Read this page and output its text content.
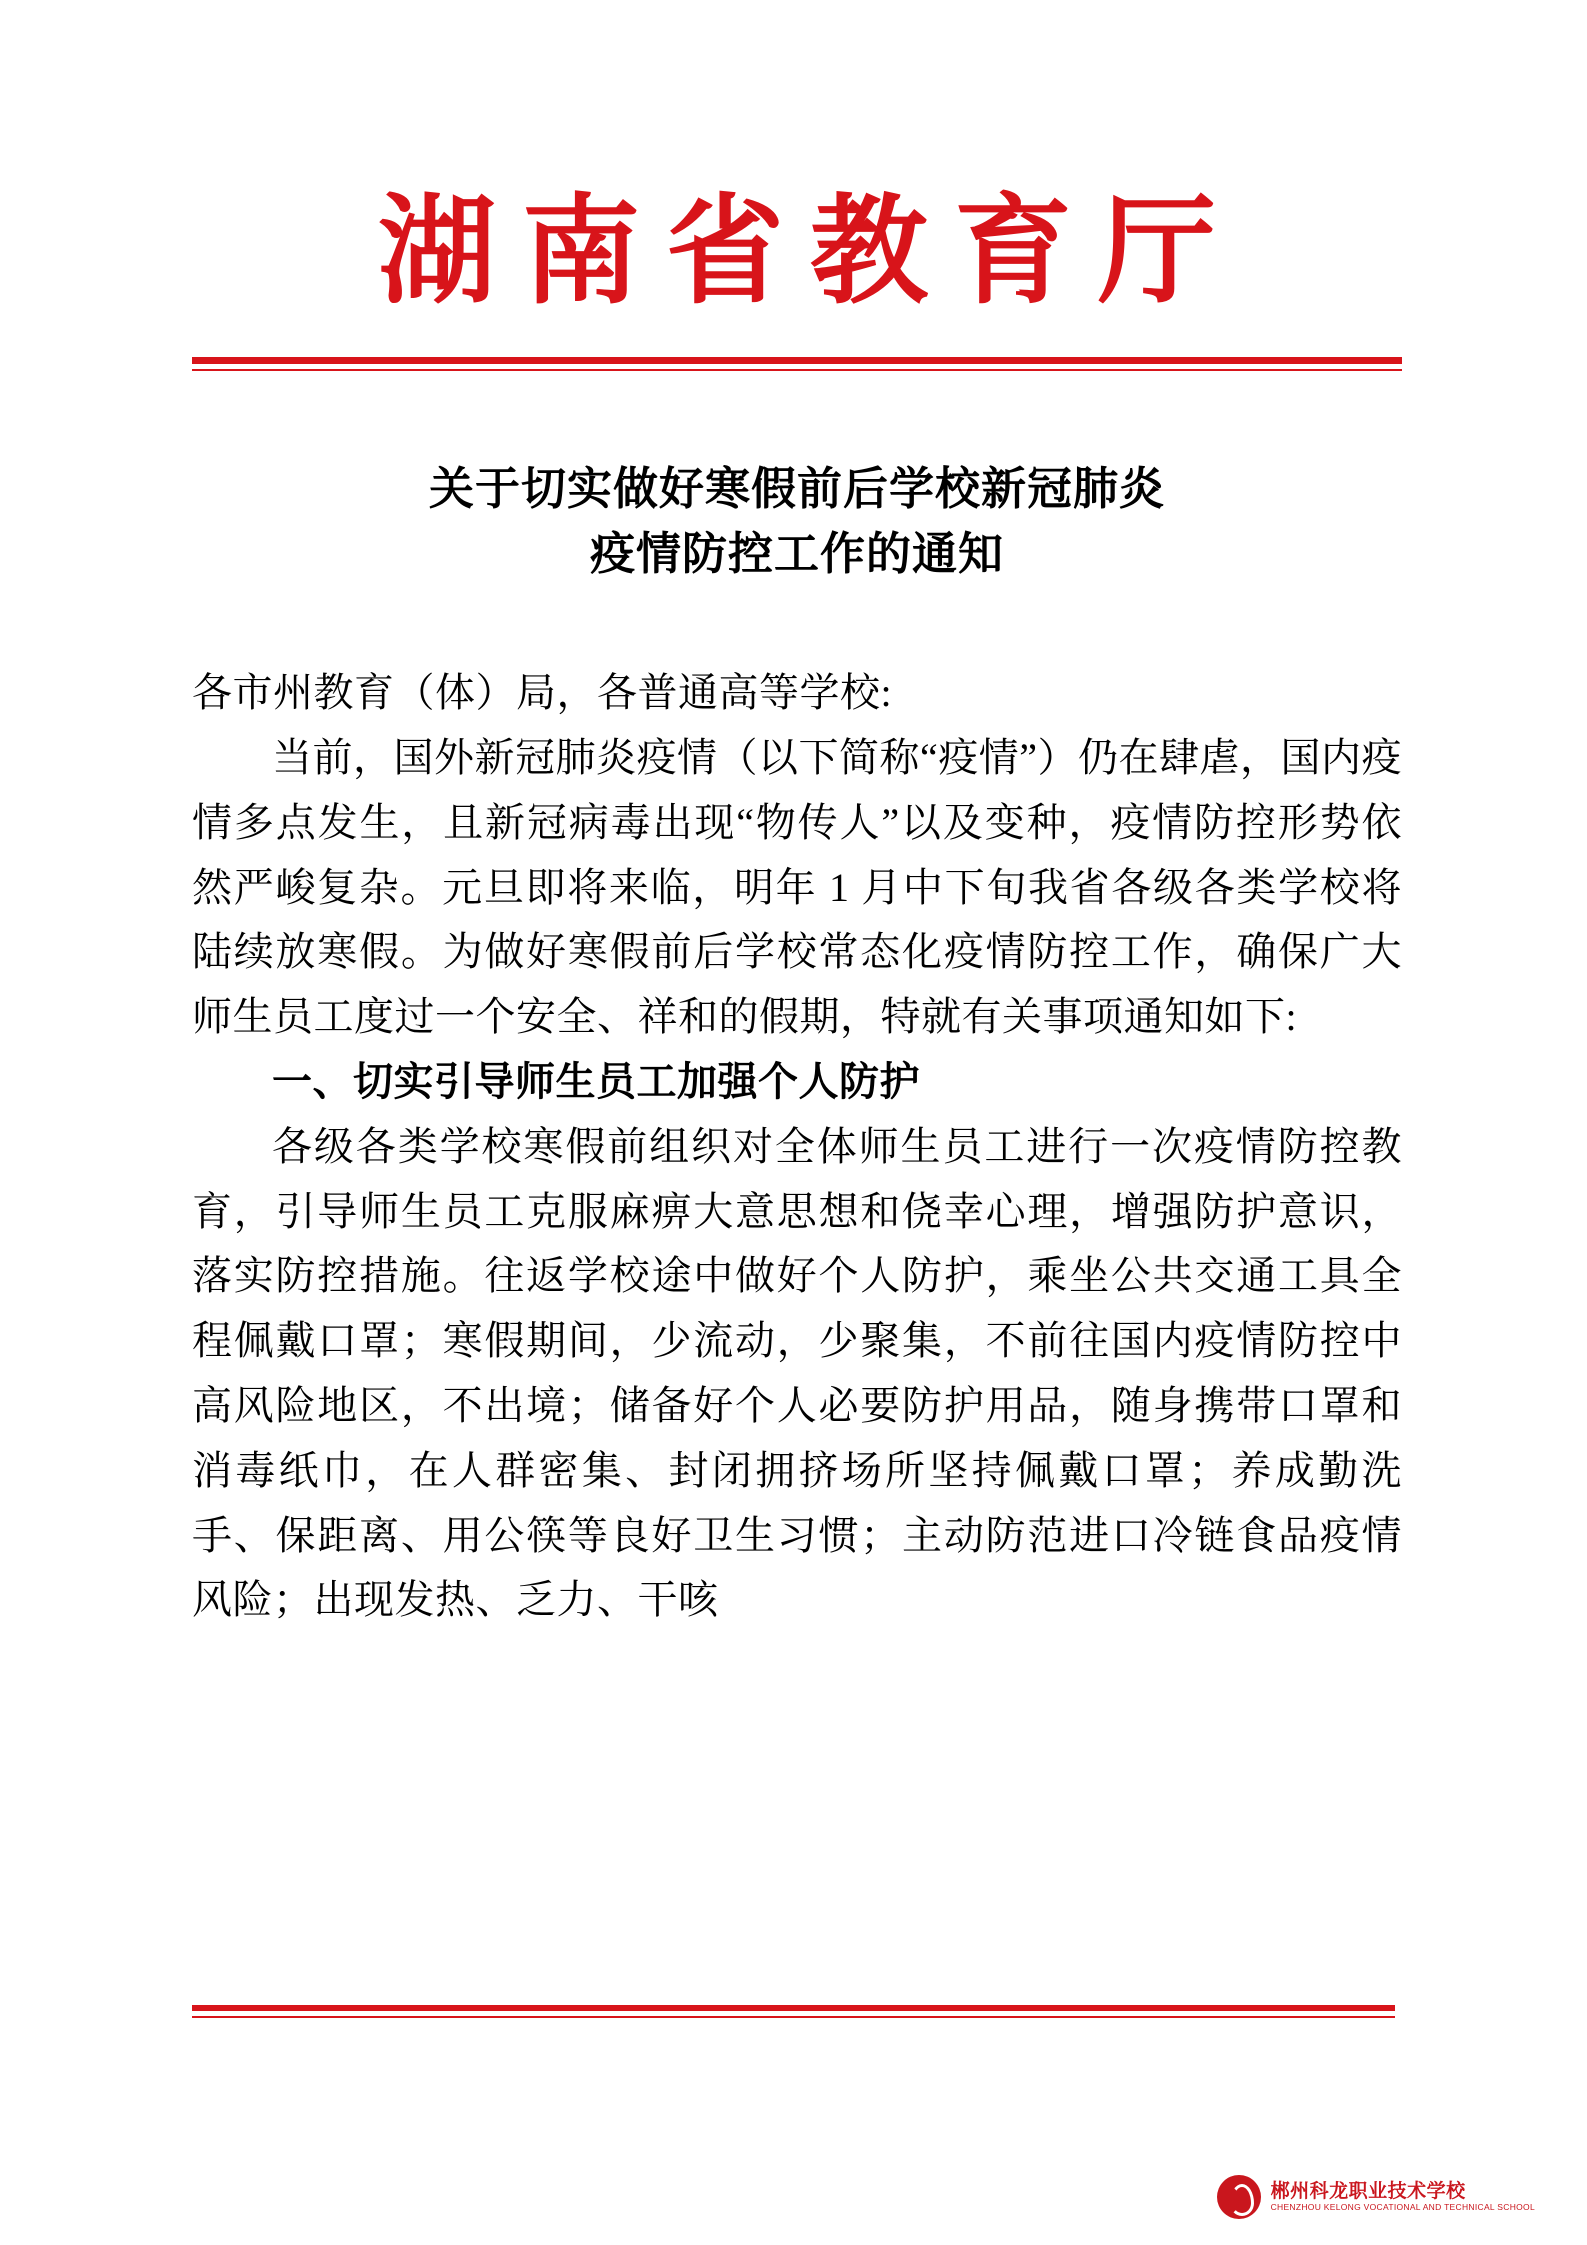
湖南省教育厅
关于切实做好寒假前后学校新冠肺炎
疫情防控工作的通知

各市州教育（体）局，各普通高等学校:

当前，国外新冠肺炎疫情（以下简称“疫情”）仍在肆虐，国内疫情多点发生，且新冠病毒出现“物传人”以及变种，疫情防控形势依然严峻复杂。元旦即将来临，明年 1 月中下旬我省各级各类学校将陆续放寒假。为做好寒假前后学校常态化疫情防控工作，确保广大师生员工度过一个安全、祥和的假期，特就有关事项通知如下:

一、切实引导师生员工加强个人防护

各级各类学校寒假前组织对全体师生员工进行一次疫情防控教育，引导师生员工克服麻痹大意思想和侥幸心理，增强防护意识，落实防控措施。往返学校途中做好个人防护，乘坐公共交通工具全程佩戴口罩；寒假期间，少流动，少聚集，不前往国内疫情防控中高风险地区，不出境；储备好个人必要防护用品，随身携带口罩和消毒纸巾，在人群密集、封闭拥挤场所坚持佩戴口罩；养成勤洗手、保距离、用公筷等良好卫生习惯；主动防范进口冷链食品疫情风险；出现发热、乏力、干咳

郴州科龙职业技术学校
CHENZHOU KELONG VOCATIONAL AND TECHNICAL SCHOOL
